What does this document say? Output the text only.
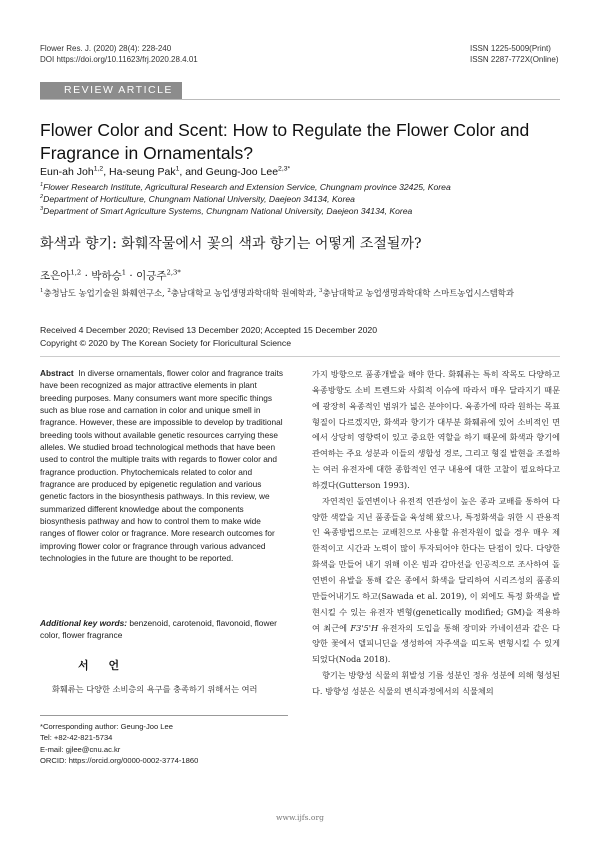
Flower Res. J. (2020) 28(4): 228-240
DOI https://doi.org/10.11623/frj.2020.28.4.01
ISSN 1225-5009(Print)
ISSN 2287-772X(Online)
REVIEW ARTICLE
Flower Color and Scent: How to Regulate the Flower Color and Fragrance in Ornamentals?
Eun-ah Joh$^{1,2}$, Ha-seung Pak$^1$, and Geung-Joo Lee$^{2,3*}$
$^1$Flower Research Institute, Agricultural Research and Extension Service, Chungnam province 32425, Korea
$^2$Department of Horticulture, Chungnam National University, Daejeon 34134, Korea
$^3$Department of Smart Agriculture Systems, Chungnam National University, Daejeon 34134, Korea
화색과 향기: 화훼작물에서 꽃의 색과 향기는 어떻게 조절될까?
조은아$^{1,2}$ · 박하승$^1$ · 이긍주$^{2,3*}$
$^1$충청남도 농업기술원 화훼연구소, $^2$충남대학교 농업생명과학대학 원예학과, $^3$충남대학교 농업생명과학대학 스마트농업시스템학과
Received 4 December 2020; Revised 13 December 2020; Accepted 15 December 2020
Copyright © 2020 by The Korean Society for Floricultural Science
Abstract In diverse ornamentals, flower color and fragrance traits have been recognized as major attractive elements in plant breeding purposes. Many consumers want more specific things such as blue rose and carnation in color and unique smell in fragrance. However, these are impossible to develop by traditional breeding tools without available genetic resources carrying these alleles. We studied broad technological methods that have been used to control the multiple traits with regards to flower color and fragrance production. Phytochemicals related to color and fragrance are produced by epigenetic regulation and various genetic factors in the biosynthesis pathways. In this review, we summarized different knowledge about the components biosynthesis pathway and how to control them to make wide ranges of flower color or fragrance. More research outcomes for improving flower color or fragrance through various advanced technologies in the future are thought to be reported.
Additional key words: benzenoid, carotenoid, flavonoid, flower color, flower fragrance
서 언
화훼류는 다양한 소비층의 욕구를 충족하기 위해서는 여러
*Corresponding author: Geung-Joo Lee
Tel: +82-42-821-5734
E-mail: gjlee@cnu.ac.kr
ORCID: https://orcid.org/0000-0002-3774-1860

가지 방향으로 품종개발을 해야 한다. 화훼류는 특히 작목도 다양하고 육종방향도 소비 트렌드와 사회적 이슈에 따라서 매우 달라지기 때문에 광장히 육종적인 범위가 넓은 분야이다. 육종가에 따라 원하는 목표형질이 다르겠지만, 화색과 향기가 대부분 화훼류에 있어 소비적인 면에서 상당히 영향력이 있고 중요한 역할을 하기 때문에 화색과 향기에 관여하는 주요 성분과 이들의 생합성 경로, 그리고 형질 발현을 조절하는 여러 유전자에 대한 종합적인 연구 내용에 대한 고찰이 필요하다고 하겠다(Gutterson 1993).

자연적인 돌연변이나 유전적 연관성이 높은 종과 교배를 통하여 다양한 색깔을 지닌 품종들을 육성해 왔으나, 특정화색을 위한 시 관용적인 육종방법으로는 교배친으로 사용할 유전자원이 없을 경우 매우 제한적이고 시간과 노력이 많이 투자되어야 한다는 단점이 있다. 다양한 화색을 만들어 내기 위해 이온 빔과 감마선을 인공적으로 조사하여 돌연변이 유발을 통해 같은 종에서 화색을 달리하여 시리즈성의 품종의 만들어내기도 하고(Sawada et al. 2019), 이 외에도 특정 화색을 발현시킬 수 있는 유전자 변형(genetically modified; GM)을 적용하여 최근에 F3'5'H 유전자의 도입을 통해 장미와 카네이션과 같은 다양한 꽃에서 델피니딘을 생성하여 자주색을 띠도록 변형시킬 수 있게 되었다(Noda 2018).

향기는 방향성 식물의 휘발성 기름 성분인 정유 성분에 의해 형성된다. 방향성 성분은 식물의 변식과정에서의 식물체의

www.ijfs.org
